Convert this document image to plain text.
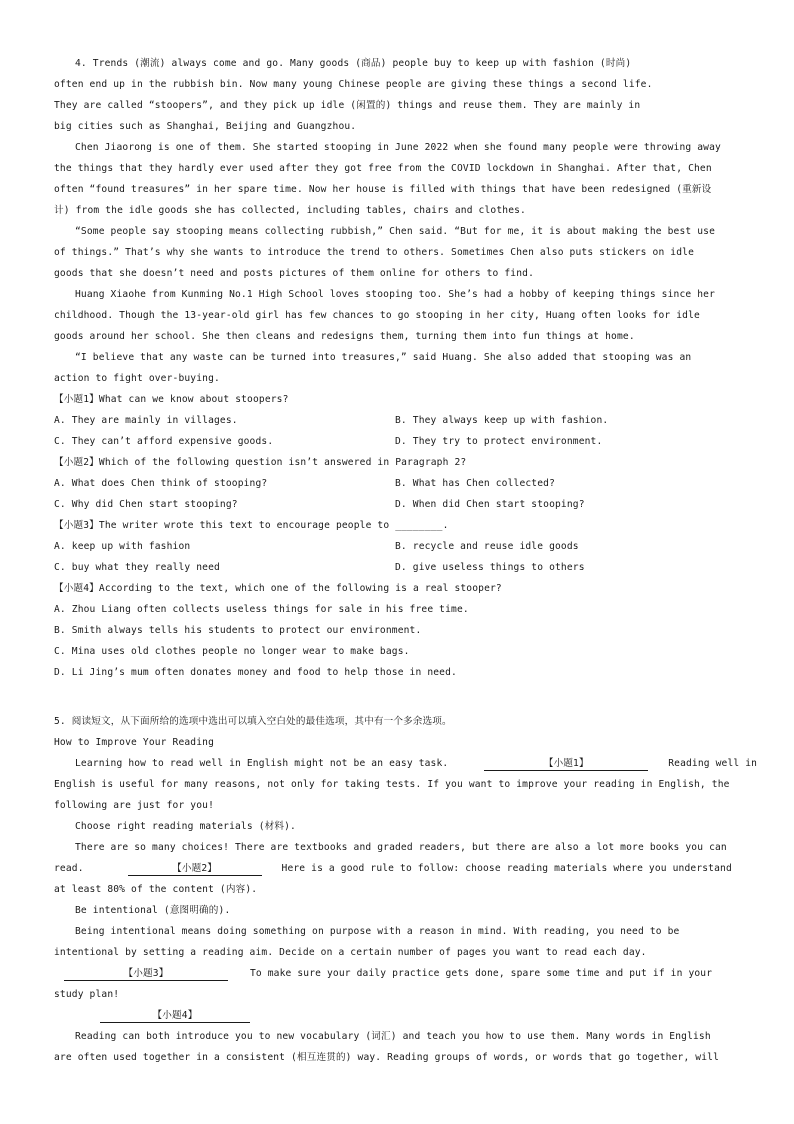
4. Trends (潮流) always come and go. Many goods (商品) people buy to keep up with fashion (时尚)
often end up in the rubbish bin. Now many young Chinese people are giving these things a second life.
They are called “stoopers”, and they pick up idle (闲置的) things and reuse them. They are mainly in
big cities such as Shanghai, Beijing and Guangzhou.
Chen Jiaorong is one of them. She started stooping in June 2022 when she found many people were throwing away
the things that they hardly ever used after they got free from the COVID lockdown in Shanghai. After that, Chen
often “found treasures” in her spare time. Now her house is filled with things that have been redesigned (重新设
计) from the idle goods she has collected, including tables, chairs and clothes.
“Some people say stooping means collecting rubbish,” Chen said. “But for me, it is about making the best use
of things.” That’s why she wants to introduce the trend to others. Sometimes Chen also puts stickers on idle
goods that she doesn’t need and posts pictures of them online for others to find.
Huang Xiaohe from Kunming No.1 High School loves stooping too. She’s had a hobby of keeping things since her
childhood. Though the 13-year-old girl has few chances to go stooping in her city, Huang often looks for idle
goods around her school. She then cleans and redesigns them, turning them into fun things at home.
“I believe that any waste can be turned into treasures,” said Huang. She also added that stooping was an
action to fight over-buying.
【小题1】What can we know about stoopers?
A. They are mainly in villages.	B. They always keep up with fashion.
C. They can’t afford expensive goods.	D. They try to protect environment.
【小题2】Which of the following question isn’t answered in Paragraph 2?
A. What does Chen think of stooping?	B. What has Chen collected?
C. Why did Chen start stooping?	D. When did Chen start stooping?
【小题3】The writer wrote this text to encourage people to ________.
A. keep up with fashion	B. recycle and reuse idle goods
C. buy what they really need	D. give useless things to others
【小题4】According to the text, which one of the following is a real stooper?
A. Zhou Liang often collects useless things for sale in his free time.
B. Smith always tells his students to protect our environment.
C. Mina uses old clothes people no longer wear to make bags.
D. Li Jing’s mum often donates money and food to help those in need.
5. 阅读短文，从下面所给的选项中选出可以填入空白处的最佳选项，其中有一个多余选项。
How to Improve Your Reading
Learning how to read well in English might not be an easy task.	【小题1】	Reading well in
English is useful for many reasons, not only for taking tests. If you want to improve your reading in English, the
following are just for you!
Choose right reading materials (材料).
There are so many choices! There are textbooks and graded readers, but there are also a lot more books you can
read.	【小题2】	Here is a good rule to follow: choose reading materials where you understand
at least 80% of the content (内容).
Be intentional (意图明确的).
Being intentional means doing something on purpose with a reason in mind. With reading, you need to be
intentional by setting a reading aim. Decide on a certain number of pages you want to read each day.
【小题3】	To make sure your daily practice gets done, spare some time and put if in your
study plan!
【小题4】
Reading can both introduce you to new vocabulary (词汇) and teach you how to use them. Many words in English
are often used together in a consistent (相互连贯的) way. Reading groups of words, or words that go together, will
